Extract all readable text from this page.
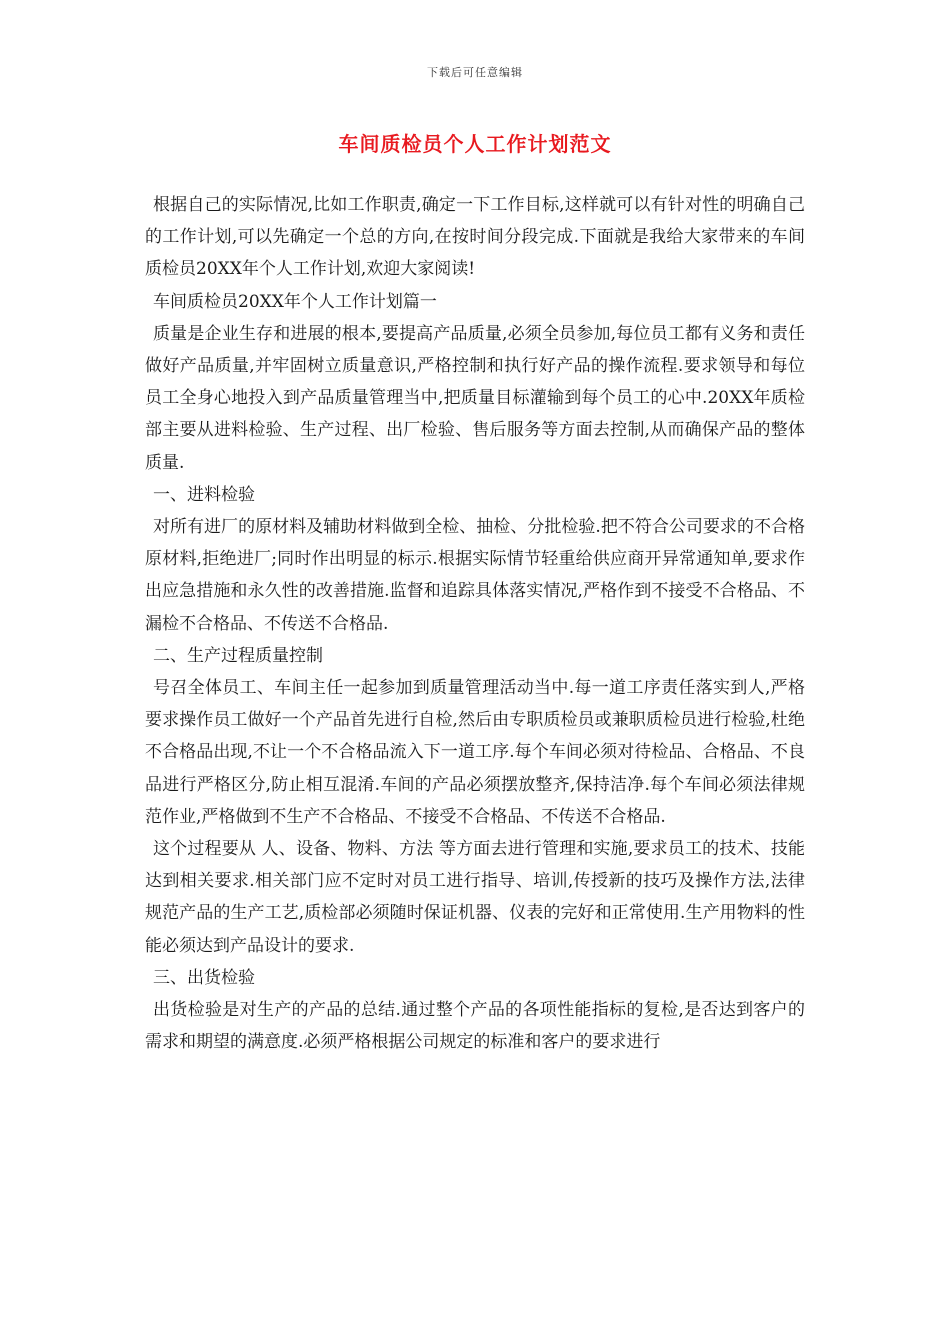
下载后可任意编辑
车间质检员个人工作计划范文

根据自己的实际情况,比如工作职责,确定一下工作目标,这样就可以有针对性的明确自己的工作计划,可以先确定一个总的方向,在按时间分段完成.下面就是我给大家带来的车间质检员20XX年个人工作计划,欢迎大家阅读!

车间质检员20XX年个人工作计划篇一

质量是企业生存和进展的根本,要提高产品质量,必须全员参加,每位员工都有义务和责任做好产品质量,并牢固树立质量意识,严格控制和执行好产品的操作流程.要求领导和每位员工全身心地投入到产品质量管理当中,把质量目标灌输到每个员工的心中.20XX年质检部主要从进料检验、生产过程、出厂检验、售后服务等方面去控制,从而确保产品的整体质量.

一、进料检验

对所有进厂的原材料及辅助材料做到全检、抽检、分批检验.把不符合公司要求的不合格原材料,拒绝进厂;同时作出明显的标示.根据实际情节轻重给供应商开异常通知单,要求作出应急措施和永久性的改善措施.监督和追踪具体落实情况,严格作到不接受不合格品、不漏检不合格品、不传送不合格品.

二、生产过程质量控制

号召全体员工、车间主任一起参加到质量管理活动当中.每一道工序责任落实到人,严格要求操作员工做好一个产品首先进行自检,然后由专职质检员或兼职质检员进行检验,杜绝不合格品出现,不让一个不合格品流入下一道工序.每个车间必须对待检品、合格品、不良品进行严格区分,防止相互混淆.车间的产品必须摆放整齐,保持洁净.每个车间必须法律规范作业,严格做到不生产不合格品、不接受不合格品、不传送不合格品.

这个过程要从 人、设备、物料、方法 等方面去进行管理和实施,要求员工的技术、技能达到相关要求.相关部门应不定时对员工进行指导、培训,传授新的技巧及操作方法,法律规范产品的生产工艺,质检部必须随时保证机器、仪表的完好和正常使用.生产用物料的性能必须达到产品设计的要求.

三、出货检验

出货检验是对生产的产品的总结.通过整个产品的各项性能指标的复检,是否达到客户的需求和期望的满意度.必须严格根据公司规定的标准和客户的要求进行
